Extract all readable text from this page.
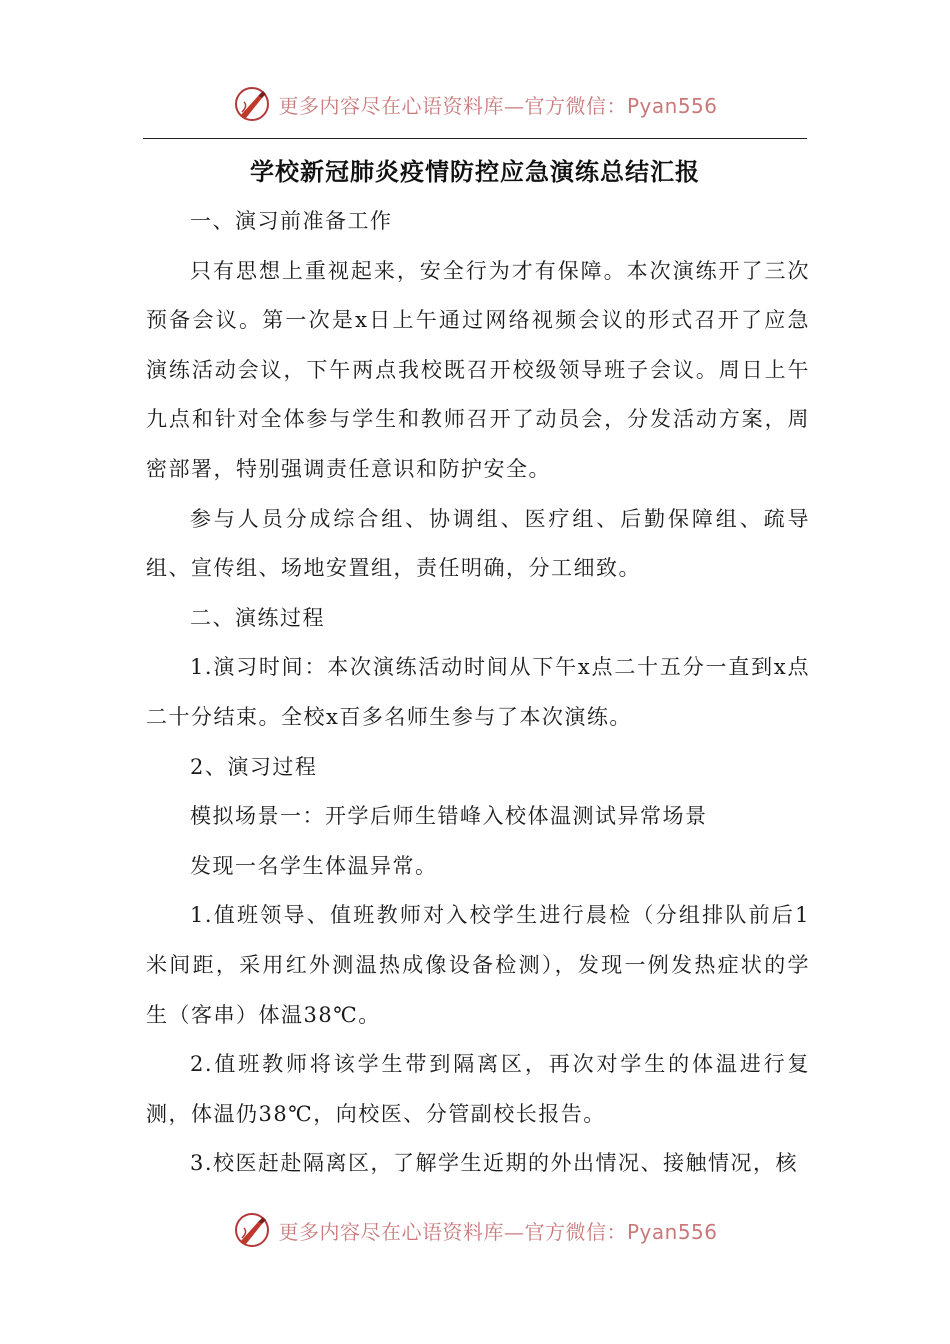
更多内容尽在心语资料库—官方微信：Pyan556
学校新冠肺炎疫情防控应急演练总结汇报

一、演习前准备工作

只有思想上重视起来，安全行为才有保障。本次演练开了三次预备会议。第一次是x日上午通过网络视频会议的形式召开了应急演练活动会议，下午两点我校既召开校级领导班子会议。周日上午九点和针对全体参与学生和教师召开了动员会，分发活动方案，周密部署，特别强调责任意识和防护安全。

参与人员分成综合组、协调组、医疗组、后勤保障组、疏导组、宣传组、场地安置组，责任明确，分工细致。

二、演练过程

1.演习时间：本次演练活动时间从下午x点二十五分一直到x点二十分结束。全校x百多名师生参与了本次演练。

2、演习过程

模拟场景一：开学后师生错峰入校体温测试异常场景

发现一名学生体温异常。

1.值班领导、值班教师对入校学生进行晨检（分组排队前后1米间距，采用红外测温热成像设备检测），发现一例发热症状的学生（客串）体温38℃。

2.值班教师将该学生带到隔离区，再次对学生的体温进行复测，体温仍38℃，向校医、分管副校长报告。

3.校医赶赴隔离区，了解学生近期的外出情况、接触情况，核

更多内容尽在心语资料库—官方微信：Pyan556
